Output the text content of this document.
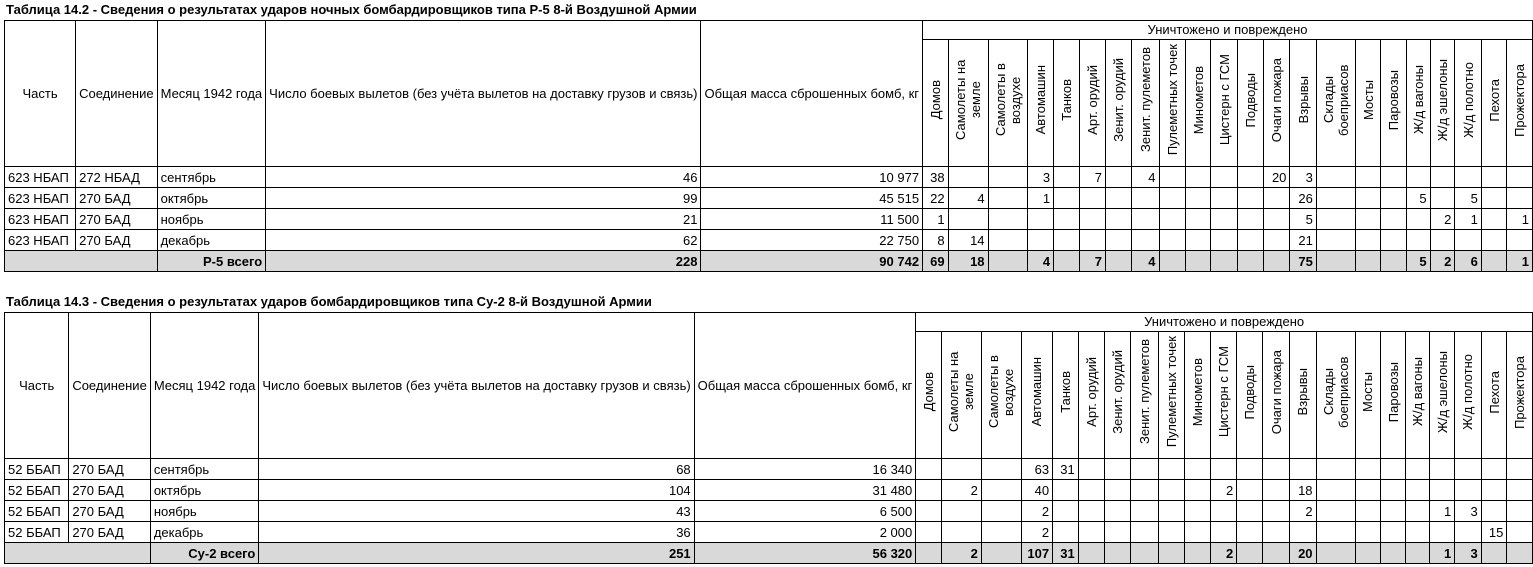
Таблица 14.2 - Сведения о результатах ударов ночных бомбардировщиков типа Р-5 8-й Воздушной Армии
Часть	Соединение	Месяц 1942 года	Число боевых вылетов (без учёта вылетов на доставку грузов и связь)	Общая масса сброшенных бомб, кг	Уничтожено и повреждено																					
					Домов	Самолеты на земле	Самолеты в воздухе	Автомашин	Танков	Арт. орудий	Зенит. орудий	Зенит. пулеметов	Пулеметных точек	Минометов	Цистерн с ГСМ	Подводы	Очаги пожара	Взрывы	Склады боеприасов	Мосты	Паровозы	Ж/д вагоны	Ж/д эшелоны	Ж/д полотно	Пехота	Прожектора
623 НБАП	272 НБАД	сентябрь	46	10 977	38			3		7		4					20	3								
623 НБАП	270 БАД	октябрь	99	45 515	22	4		1										26				5		5		
623 НБАП	270 БАД	ноябрь	21	11 500	1													5					2	1		1
623 НБАП	270 БАД	декабрь	62	22 750	8	14												21								
		Р-5 всего	228	90 742	69	18		4		7		4						75				5	2	6		1
Таблица 14.3 - Сведения о результатах ударов бомбардировщиков типа Су-2 8-й Воздушной Армии
Часть	Соединение	Месяц 1942 года	Число боевых вылетов (без учёта вылетов на доставку грузов и связь)	Общая масса сброшенных бомб, кг	Уничтожено и повреждено																					
					Домов	Самолеты на земле	Самолеты в воздухе	Автомашин	Танков	Арт. орудий	Зенит. орудий	Зенит. пулеметов	Пулеметных точек	Минометов	Цистерн с ГСМ	Подводы	Очаги пожара	Взрывы	Склады боеприасов	Мосты	Паровозы	Ж/д вагоны	Ж/д эшелоны	Ж/д полотно	Пехота	Прожектора
52 ББАП	270 БАД	сентябрь	68	16 340				63	31																	
52 ББАП	270 БАД	октябрь	104	31 480		2		40							2			18								
52 ББАП	270 БАД	ноябрь	43	6 500				2										2					1	3		
52 ББАП	270 БАД	декабрь	36	2 000				2																	15	
		Су-2 всего	251	56 320		2		107	31						2			20					1	3		
